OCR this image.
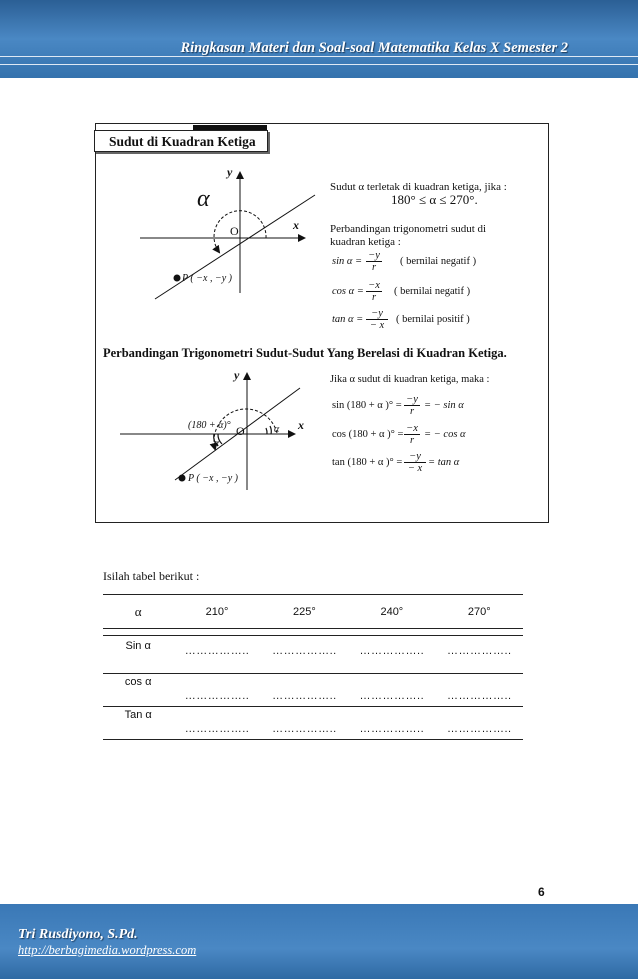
Ringkasan Materi dan Soal-soal Matematika Kelas X Semester 2
Sudut di Kuadran Ketiga
y
x
O
α
P ( −x , −y )
Sudut α terletak di kuadran ketiga, jika :
180° ≤ α ≤ 270°.
Perbandingan trigonometri sudut di
kuadran ketiga :
$\sin \alpha = \frac{-y}{r}$ ( bernilai negatif )
$\cos \alpha = \frac{-x}{r}$ ( bernilai negatif )
$\tan \alpha = \frac{-y}{- x}$ ( bernilai positif )
Perbandingan Trigonometri Sudut-Sudut Yang Berelasi di Kuadran Ketiga.
y
x
O
(180 + α)°
α
α
P ( −x , −y )
Jika α sudut di kuadran ketiga, maka :
sin (180 + α )° = $\frac{-y}{r}$ = − sin α
cos (180 + α )° = $\frac{-x}{r}$ = − cos α
tan (180 + α )° = $\frac{-y}{- x} = \tan \alpha$
Isilah tabel berikut :
α	210°	225°	240°	270°

Sin α	……………..	……………..	……………..	……………..
cos α	……………..	……………..	……………..	……………..
Tan α	……………..	……………..	……………..	……………..
6
Tri Rusdiyono, S.Pd.
http://berbagimedia.wordpress.com
